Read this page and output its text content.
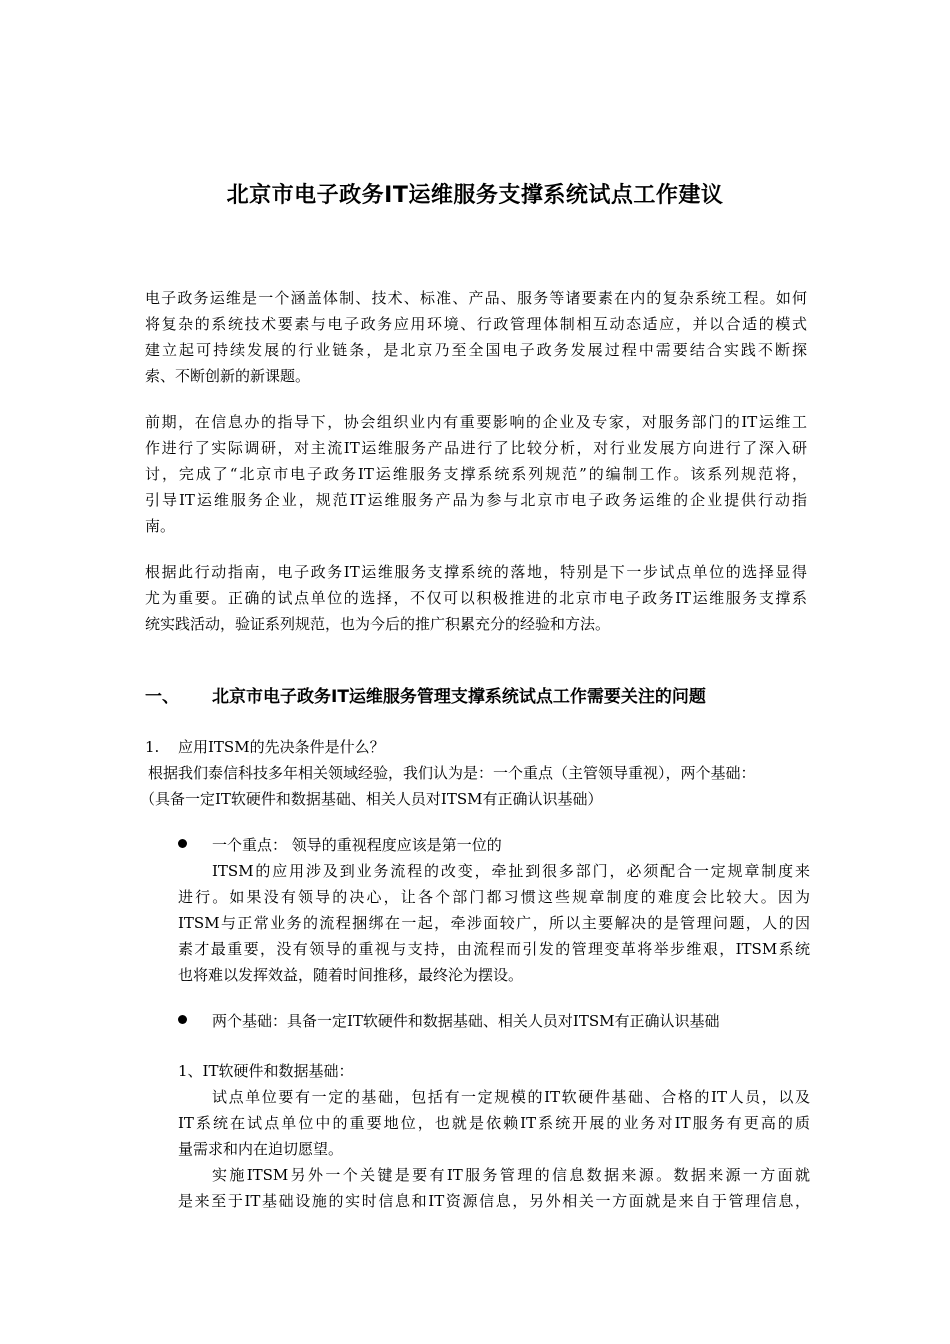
北京市电子政务IT运维服务支撑系统试点工作建议
电子政务运维是一个涵盖体制、技术、标准、产品、服务等诸要素在内的复杂系统工程。如何
将复杂的系统技术要素与电子政务应用环境、行政管理体制相互动态适应，并以合适的模式
建立起可持续发展的行业链条，是北京乃至全国电子政务发展过程中需要结合实践不断探
索、不断创新的新课题。
前期，在信息办的指导下，协会组织业内有重要影响的企业及专家，对服务部门的IT运维工
作进行了实际调研，对主流IT运维服务产品进行了比较分析，对行业发展方向进行了深入研
讨，完成了“北京市电子政务IT运维服务支撑系统系列规范”的编制工作。该系列规范将，
引导IT运维服务企业，规范IT运维服务产品为参与北京市电子政务运维的企业提供行动指
南。
根据此行动指南，电子政务IT运维服务支撑系统的落地，特别是下一步试点单位的选择显得
尤为重要。正确的试点单位的选择，不仅可以积极推进的北京市电子政务IT运维服务支撑系
统实践活动，验证系列规范，也为今后的推广积累充分的经验和方法。
一、 北京市电子政务IT运维服务管理支撑系统试点工作需要关注的问题
1. 应用ITSM的先决条件是什么？
根据我们泰信科技多年相关领域经验，我们认为是：一个重点（主管领导重视），两个基础：
（具备一定IT软硬件和数据基础、相关人员对ITSM有正确认识基础）
一个重点： 领导的重视程度应该是第一位的
ITSM的应用涉及到业务流程的改变，牵扯到很多部门，必须配合一定规章制度来
进行。如果没有领导的决心，让各个部门都习惯这些规章制度的难度会比较大。因为
ITSM与正常业务的流程捆绑在一起，牵涉面较广，所以主要解决的是管理问题，人的因
素才最重要，没有领导的重视与支持，由流程而引发的管理变革将举步维艰，ITSM系统
也将难以发挥效益，随着时间推移，最终沦为摆设。
两个基础：具备一定IT软硬件和数据基础、相关人员对ITSM有正确认识基础
1、IT软硬件和数据基础：
试点单位要有一定的基础，包括有一定规模的IT软硬件基础、合格的IT人员，以及
IT系统在试点单位中的重要地位，也就是依赖IT系统开展的业务对IT服务有更高的质
量需求和内在迫切愿望。
实施ITSM另外一个关键是要有IT服务管理的信息数据来源。数据来源一方面就
是来至于IT基础设施的实时信息和IT资源信息，另外相关一方面就是来自于管理信息，
